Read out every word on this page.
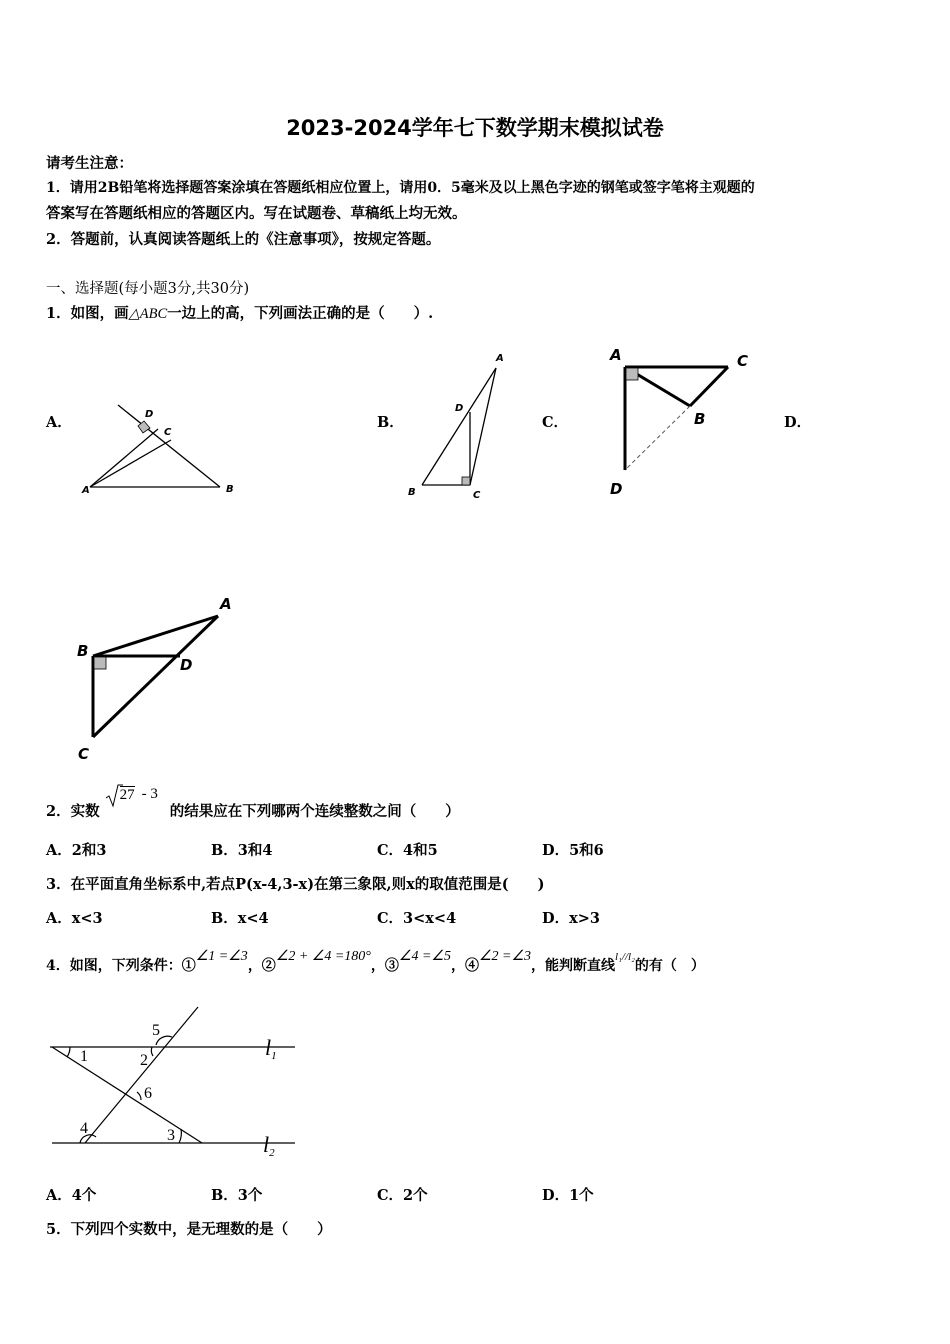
2023-2024学年七下数学期末模拟试卷
请考生注意：
1．请用2B铅笔将选择题答案涂填在答题纸相应位置上，请用0．5毫米及以上黑色字迹的钢笔或签字笔将主观题的
答案写在答题纸相应的答题区内。写在试题卷、草稿纸上均无效。
2．答题前，认真阅读答题纸上的《注意事项》，按规定答题。
一、选择题(每小题3分,共30分)
1．如图，画△ABC一边上的高，下列画法正确的是（　　）.
A．	B．	C．	D．
A	B
C
D
A
B	C
D
A	C
B
D
A
B
D
C
2．实数
27 - 3
的结果应在下列哪两个连续整数之间（　　）
A．2和3	B．3和4	C．4和5	D．5和6
3．在平面直角坐标系中,若点P(x-4,3-x)在第三象限,则x的取值范围是(　　)
A．x<3	B．x<4	C．3<x<4	D．x>3
4．如图，下列条件：①∠1 =∠3，②∠2 + ∠4 =180°，③∠4 =∠5，④∠2 =∠3，能判断直线l₁//l₂的有（　）
1	2
3
4
5
6
l1
l2
A．4个	B．3个	C．2个	D．1个
5．下列四个实数中，是无理数的是（　　）
